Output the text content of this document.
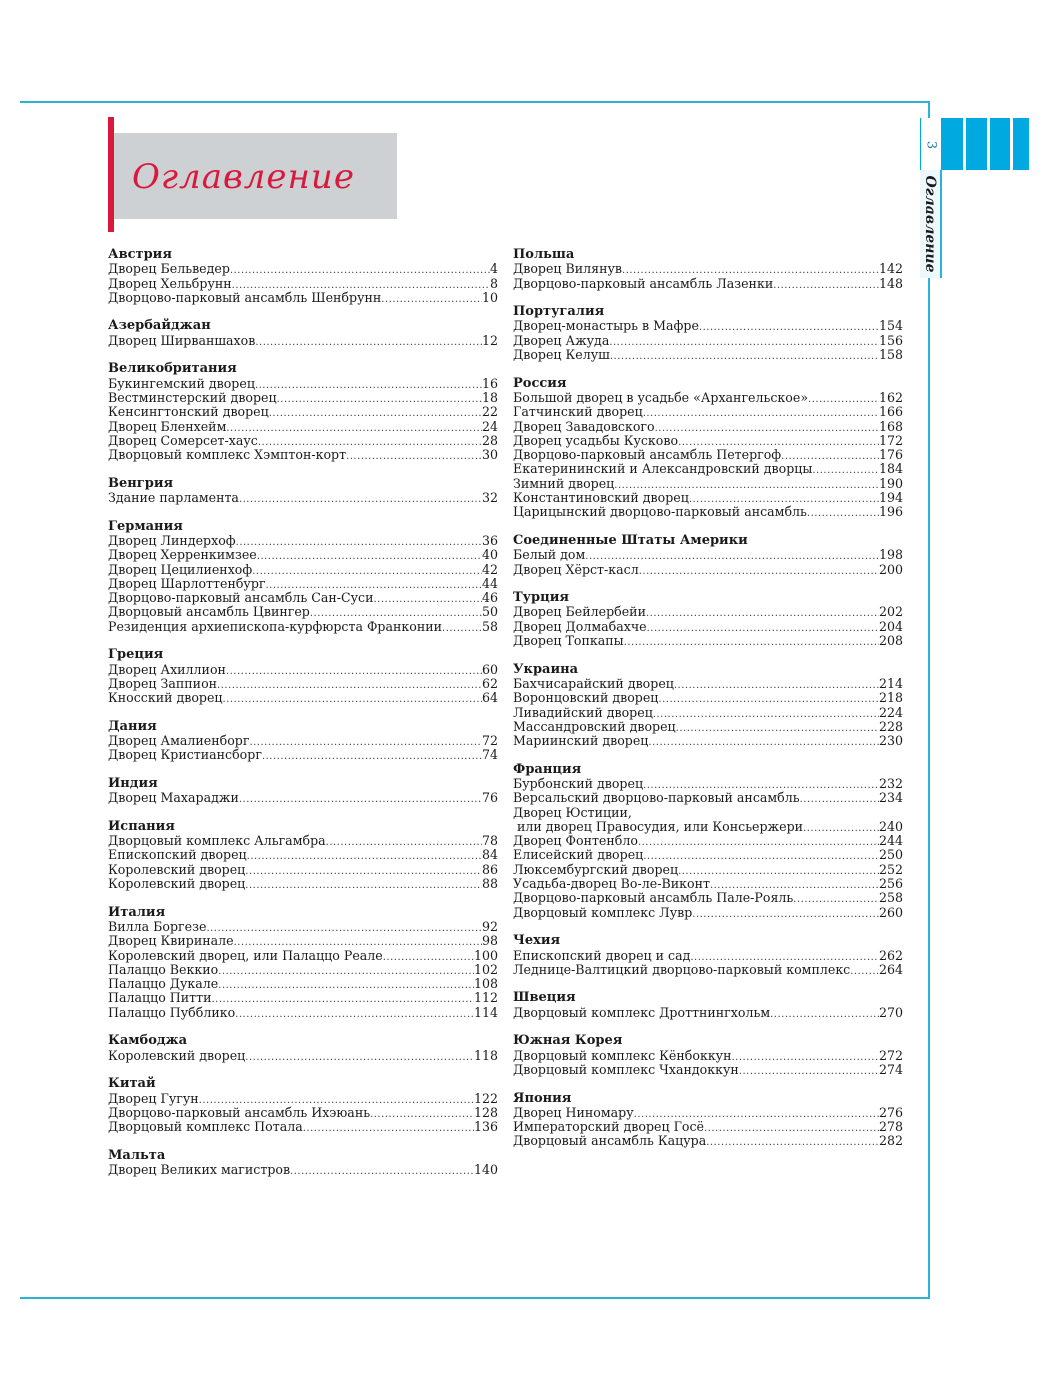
Оглавление
3
Оглавление
Австрия
Дворец Бельведер .....	4
Дворец Хельбрунн .....	8
Дворцово-парковый ансамбль Шенбрунн .....	10
Азербайджан
Дворец Ширваншахов .....	12
Великобритания
Букингемский дворец .....	16
Вестминстерский дворец .....	18
Кенсингтонский дворец .....	22
Дворец Бленхейм .....	24
Дворец Сомерсет-хаус .....	28
Дворцовый комплекс Хэмптон-корт .....	30
Венгрия
Здание парламента .....	32
Германия
Дворец Линдерхоф .....	36
Дворец Херренкимзее .....	40
Дворец Цецилиенхоф .....	42
Дворец Шарлоттенбург .....	44
Дворцово-парковый ансамбль Сан-Суси .....	46
Дворцовый ансамбль Цвингер .....	50
Резиденция архиепископа-курфюрста Франконии .....	58
Греция
Дворец Ахиллион .....	60
Дворец Заппион .....	62
Кносский дворец .....	64
Дания
Дворец Амалиенборг .....	72
Дворец Кристиансборг .....	74
Индия
Дворец Махараджи .....	76
Испания
Дворцовый комплекс Альгамбра .....	78
Епископский дворец .....	84
Королевский дворец .....	86
Королевский дворец .....	88
Италия
Вилла Боргезе .....	92
Дворец Квиринале .....	98
Королевский дворец, или Палаццо Реале .....	100
Палаццо Веккио .....	102
Палаццо Дукале .....	108
Палаццо Питти .....	112
Палаццо Пубблико .....	114
Камбоджа
Королевский дворец .....	118
Китай
Дворец Гугун .....	122
Дворцово-парковый ансамбль Ихэюань .....	128
Дворцовый комплекс Потала .....	136
Мальта
Дворец Великих магистров .....	140
Польша
Дворец Вилянув .....	142
Дворцово-парковый ансамбль Лазенки .....	148
Португалия
Дворец-монастырь в Мафре .....	154
Дворец Ажуда .....	156
Дворец Келуш .....	158
Россия
Большой дворец в усадьбе «Архангельское» .....	162
Гатчинский дворец .....	166
Дворец Завадовского .....	168
Дворец усадьбы Кусково .....	172
Дворцово-парковый ансамбль Петергоф .....	176
Екатерининский и Александровский дворцы .....	184
Зимний дворец .....	190
Константиновский дворец .....	194
Царицынский дворцово-парковый ансамбль .....	196
Соединенные Штаты Америки
Белый дом .....	198
Дворец Хёрст-касл .....	200
Турция
Дворец Бейлербейи .....	202
Дворец Долмабахче .....	204
Дворец Топкапы .....	208
Украина
Бахчисарайский дворец .....	214
Воронцовский дворец .....	218
Ливадийский дворец .....	224
Массандровский дворец .....	228
Мариинский дворец .....	230
Франция
Бурбонский дворец .....	232
Версальский дворцово-парковый ансамбль .....	234
Дворец Юстиции,
или дворец Правосудия, или Консьержери .....	240
Дворец Фонтенбло .....	244
Елисейский дворец .....	250
Люксембургский дворец .....	252
Усадьба-дворец Во-ле-Виконт .....	256
Дворцово-парковый ансамбль Пале-Рояль .....	258
Дворцовый комплекс Лувр .....	260
Чехия
Епископский дворец и сад .....	262
Леднице-Валтицкий дворцово-парковый комплекс ..... 264
Швеция
Дворцовый комплекс Дроттнингхольм .....	270
Южная Корея
Дворцовый комплекс Кёнбоккун .....	272
Дворцовый комплекс Чхандоккун .....	274
Япония
Дворец Ниномару .....	276
Императорский дворец Госё .....	278
Дворцовый ансамбль Кацура .....	282
